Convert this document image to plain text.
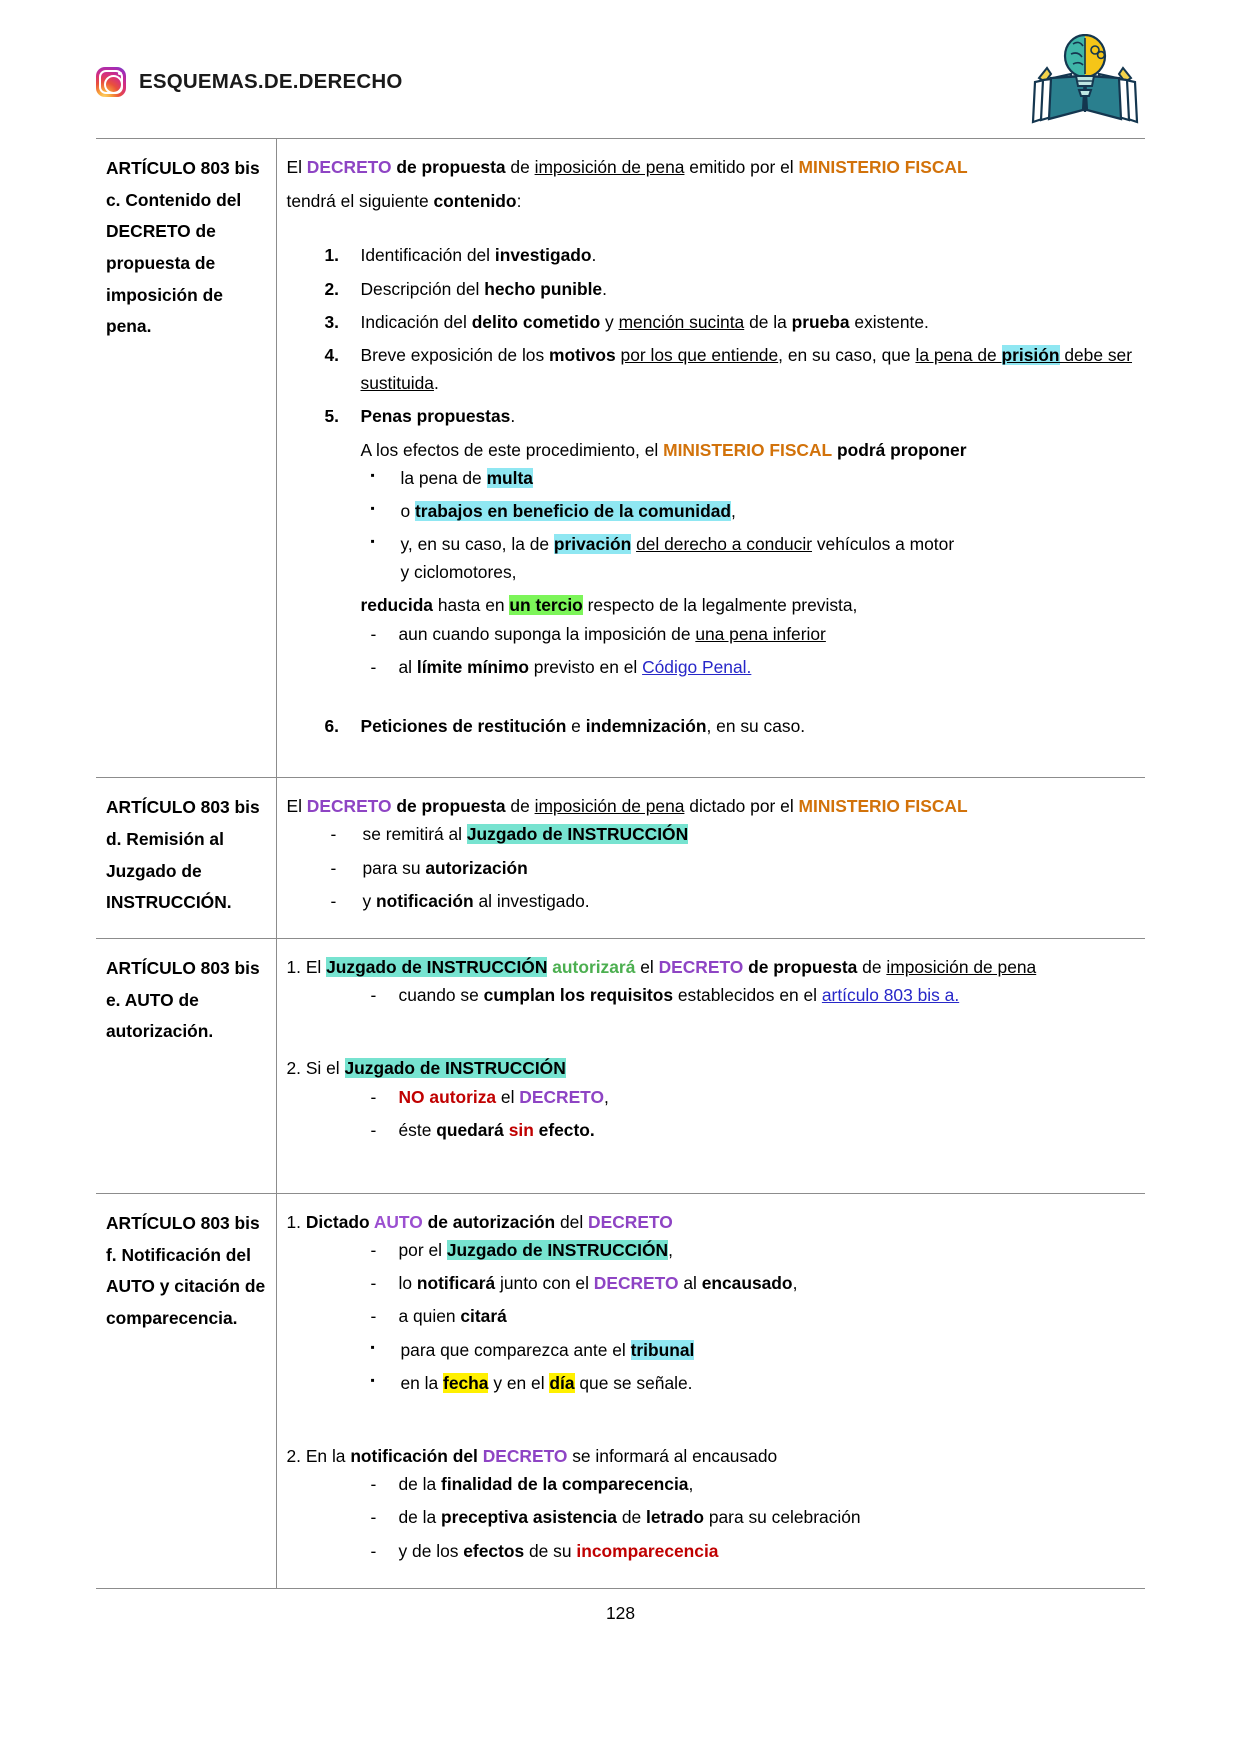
ESQUEMAS.DE.DERECHO
ARTÍCULO 803 bis c. Contenido del DECRETO de propuesta de imposición de pena.	

El DECRETO de propuesta de imposición de pena emitido por el MINISTERIO FISCAL

tendrá el siguiente contenido:

1. Identificación del investigado.
2. Descripción del hecho punible.
3. Indicación del delito cometido y mención sucinta de la prueba existente.
4. Breve exposición de los motivos por los que entiende, en su caso, que la pena de prisión debe ser sustituida.
5. Penas propuestas.

A los efectos de este procedimiento, el MINISTERIO FISCAL podrá proponer

▪ la pena de multa
▪ o trabajos en beneficio de la comunidad,
▪ y, en su caso, la de privación del derecho a conducir vehículos a motor
y ciclomotores,

reducida hasta en un tercio respecto de la legalmente prevista,

- aun cuando suponga la imposición de una pena inferior
- al límite mínimo previsto en el Código Penal.
6. Peticiones de restitución e indemnización, en su caso.

ARTÍCULO 803 bis d. Remisión al Juzgado de INSTRUCCIÓN.	

El DECRETO de propuesta de imposición de pena dictado por el MINISTERIO FISCAL

- se remitirá al Juzgado de INSTRUCCIÓN
- para su autorización
- y notificación al investigado.

ARTÍCULO 803 bis e. AUTO de autorización.	

1. El Juzgado de INSTRUCCIÓN autorizará el DECRETO de propuesta de imposición de pena

- cuando se cumplan los requisitos establecidos en el artículo 803 bis a.

2. Si el Juzgado de INSTRUCCIÓN

- NO autoriza el DECRETO,
- éste quedará sin efecto.

ARTÍCULO 803 bis f. Notificación del AUTO y citación de comparecencia.	

1. Dictado AUTO de autorización del DECRETO

- por el Juzgado de INSTRUCCIÓN,
- lo notificará junto con el DECRETO al encausado,
- a quien citará
▪ para que comparezca ante el tribunal
▪ en la fecha y en el día que se señale.

2. En la notificación del DECRETO se informará al encausado

- de la finalidad de la comparecencia,
- de la preceptiva asistencia de letrado para su celebración
- y de los efectos de su incomparecencia
128
